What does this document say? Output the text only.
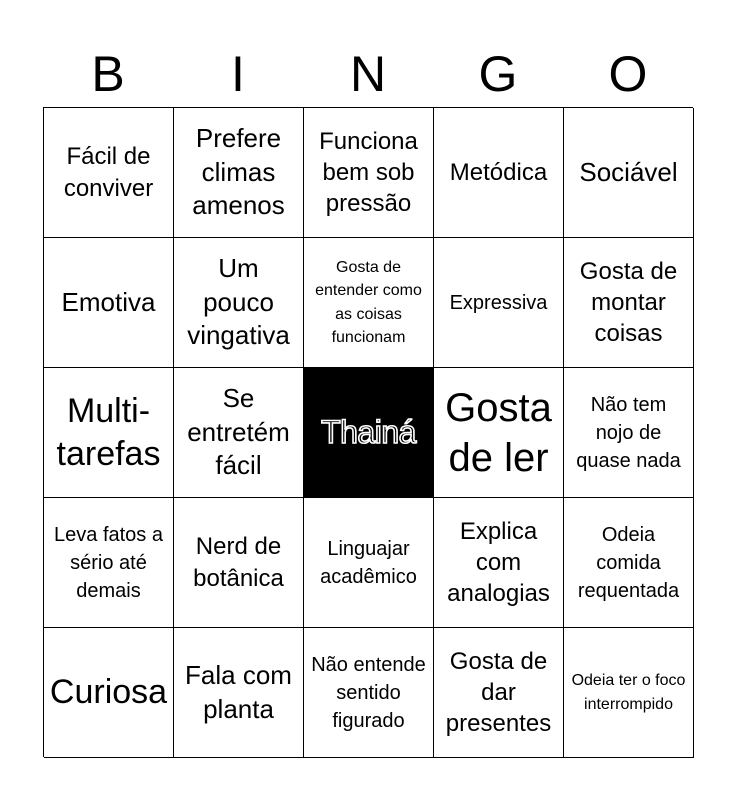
B	I	N	G	O
Fácil de conviver
Prefere climas amenos
Funciona bem sob pressão
Metódica Sociável
Emotiva
Um pouco vingativa
Gosta de entender como as coisas funcionam
Expressiva
Gosta de montar coisas
Multi-tarefas
Se entretém fácil
Thainá
Gosta de ler
Não tem nojo de quase nada
Leva fatos a sério até demais
Nerd de botânica
Linguajar acadêmico
Explica com analogias
Odeia comida requentada
Curiosa Fala com planta
Não entende sentido figurado
Gosta de dar presentes
Odeia ter o foco interrompido
